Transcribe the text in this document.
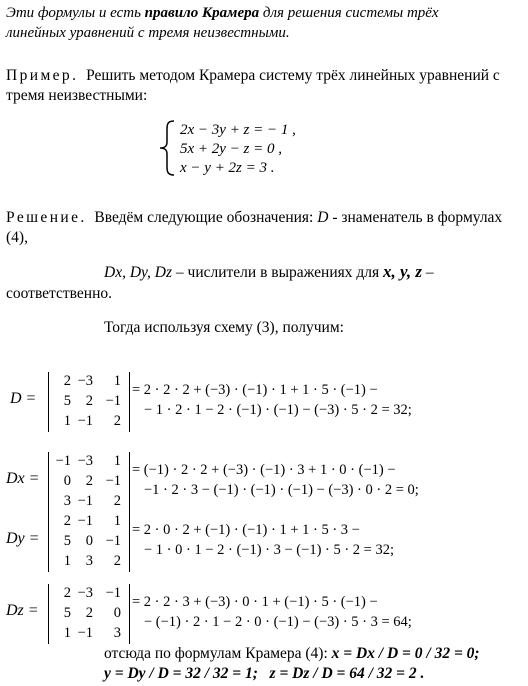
Эти формулы и есть правило Крамера для решения системы трёх
линейных уравнений с тремя неизвестными.
Пример. Решить методом Крамера систему трёх линейных уравнений с
тремя неизвестными:
2x − 3y + z = − 1 ,
5x + 2y − z = 0 ,
x − y + 2z = 3 .
Решение. Введём следующие обозначения: D - знаменатель в формулах
(4),
Dx, Dy, Dz – числители в выражениях для x, y, z –
соответственно.
Тогда используя схему (3), получим:
D =
2 −3	1
5	2 −1
1 −1	2
= 2 · 2 · 2 + (−3) · (−1) · 1 + 1 · 5 · (−1) −
− 1 · 2 · 1 − 2 · (−1) · (−1) − (−3) · 5 · 2 = 32;
Dx =
−1 −3	1
0	2 −1
3 −1	2
= (−1) · 2 · 2 + (−3) · (−1) · 3 + 1 · 0 · (−1) −
−1 · 2 · 3 − (−1) · (−1) · (−1) − (−3) · 0 · 2 = 0;
Dy =
2 −1	1
5	0 −1
1	3	2
= 2 · 0 · 2 + (−1) · (−1) · 1 + 1 · 5 · 3 −
− 1 · 0 · 1 − 2 · (−1) · 3 − (−1) · 5 · 2 = 32;
Dz =
2 −3 −1
5	2	0
1 −1	3
= 2 · 2 · 3 + (−3) · 0 · 1 + (−1) · 5 · (−1) −
− (−1) · 2 · 1 − 2 · 0 · (−1) − (−3) · 5 · 3 = 64;
отсюда по формулам Крамера (4): x = Dx / D = 0 / 32 = 0;
y = Dy / D = 32 / 32 = 1; z = Dz / D = 64 / 32 = 2 .
